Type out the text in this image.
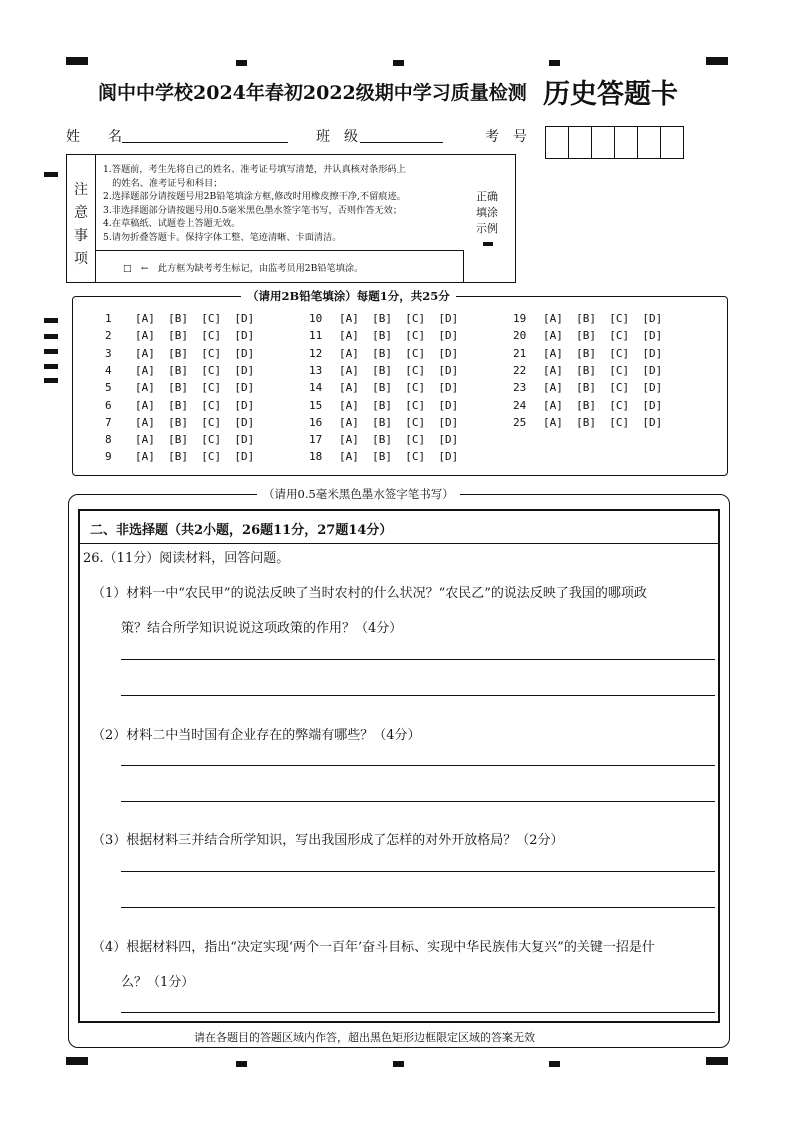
阆中中学校2024年春初2022级期中学习质量检测 历史答题卡
姓　　名	班　级	考　号
注
意
事
项
1.答题前，考生先将自己的姓名、准考证号填写清楚，并认真核对条形码上
　的姓名、准考证号和科目；
2.选择题部分请按题号用2B铅笔填涂方框,修改时用橡皮擦干净,不留痕迹。
3.非选择题部分请按题号用0.5毫米黑色墨水签字笔书写，否则作答无效；
4.在草稿纸、试题卷上答题无效。
5.请勿折叠答题卡。保持字体工整、笔迹清晰、卡面清洁。
□　←　此方框为缺考考生标记，由监考员用2B铅笔填涂。
正确
填涂
示例
（请用2B铅笔填涂）每题1分，共25分
1 [A]  [B]  [C]  [D]
2 [A]  [B]  [C]  [D]
3 [A]  [B]  [C]  [D]
4 [A]  [B]  [C]  [D]
5 [A]  [B]  [C]  [D]
6 [A]  [B]  [C]  [D]
7 [A]  [B]  [C]  [D]
8 [A]  [B]  [C]  [D]
9 [A]  [B]  [C]  [D]
10 [A]  [B]  [C]  [D]
11 [A]  [B]  [C]  [D]
12 [A]  [B]  [C]  [D]
13 [A]  [B]  [C]  [D]
14 [A]  [B]  [C]  [D]
15 [A]  [B]  [C]  [D]
16 [A]  [B]  [C]  [D]
17 [A]  [B]  [C]  [D]
18 [A]  [B]  [C]  [D]
19 [A]  [B]  [C]  [D]
20 [A]  [B]  [C]  [D]
21 [A]  [B]  [C]  [D]
22 [A]  [B]  [C]  [D]
23 [A]  [B]  [C]  [D]
24 [A]  [B]  [C]  [D]
25 [A]  [B]  [C]  [D]
（请用0.5毫米黑色墨水签字笔书写）
二、非选择题（共2小题，26题11分，27题14分）
26.（11分）阅读材料，回答问题。
（1）材料一中“农民甲”的说法反映了当时农村的什么状况？“农民乙”的说法反映了我国的哪项政
策？结合所学知识说说这项政策的作用？（4分）
（2）材料二中当时国有企业存在的弊端有哪些？（4分）
（3）根据材料三并结合所学知识，写出我国形成了怎样的对外开放格局？（2分）
（4）根据材料四，指出“决定实现‘两个一百年’奋斗目标、实现中华民族伟大复兴”的关键一招是什
么？（1分）
请在各题目的答题区域内作答，超出黑色矩形边框限定区域的答案无效
